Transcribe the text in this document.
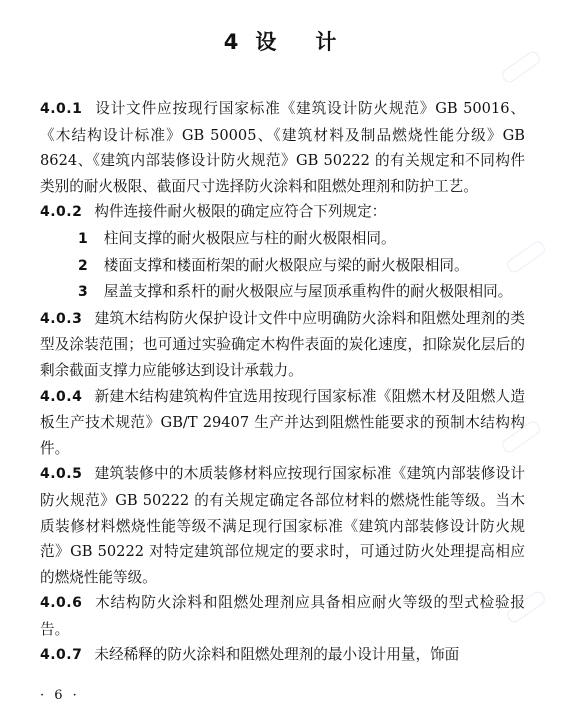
4 设 计

4.0.1 设计文件应按现行国家标准《建筑设计防火规范》GB 50016、《木结构设计标准》GB 50005、《建筑材料及制品燃烧性能分级》GB 8624、《建筑内部装修设计防火规范》GB 50222 的有关规定和不同构件类别的耐火极限、截面尺寸选择防火涂料和阻燃处理剂和防护工艺。

4.0.2 构件连接件耐火极限的确定应符合下列规定：

1 柱间支撑的耐火极限应与柱的耐火极限相同。

2 楼面支撑和楼面桁架的耐火极限应与梁的耐火极限相同。

3 屋盖支撑和系杆的耐火极限应与屋顶承重构件的耐火极限相同。

4.0.3 建筑木结构防火保护设计文件中应明确防火涂料和阻燃处理剂的类型及涂装范围；也可通过实验确定木构件表面的炭化速度，扣除炭化层后的剩余截面支撑力应能够达到设计承载力。

4.0.4 新建木结构建筑构件宜选用按现行国家标准《阻燃木材及阻燃人造板生产技术规范》GB/T 29407 生产并达到阻燃性能要求的预制木结构构件。

4.0.5 建筑装修中的木质装修材料应按现行国家标准《建筑内部装修设计防火规范》GB 50222 的有关规定确定各部位材料的燃烧性能等级。当木质装修材料燃烧性能等级不满足现行国家标准《建筑内部装修设计防火规范》GB 50222 对特定建筑部位规定的要求时，可通过防火处理提高相应的燃烧性能等级。

4.0.6 木结构防火涂料和阻燃处理剂应具备相应耐火等级的型式检验报告。

4.0.7 未经稀释的防火涂料和阻燃处理剂的最小设计用量，饰面

· 6 ·
